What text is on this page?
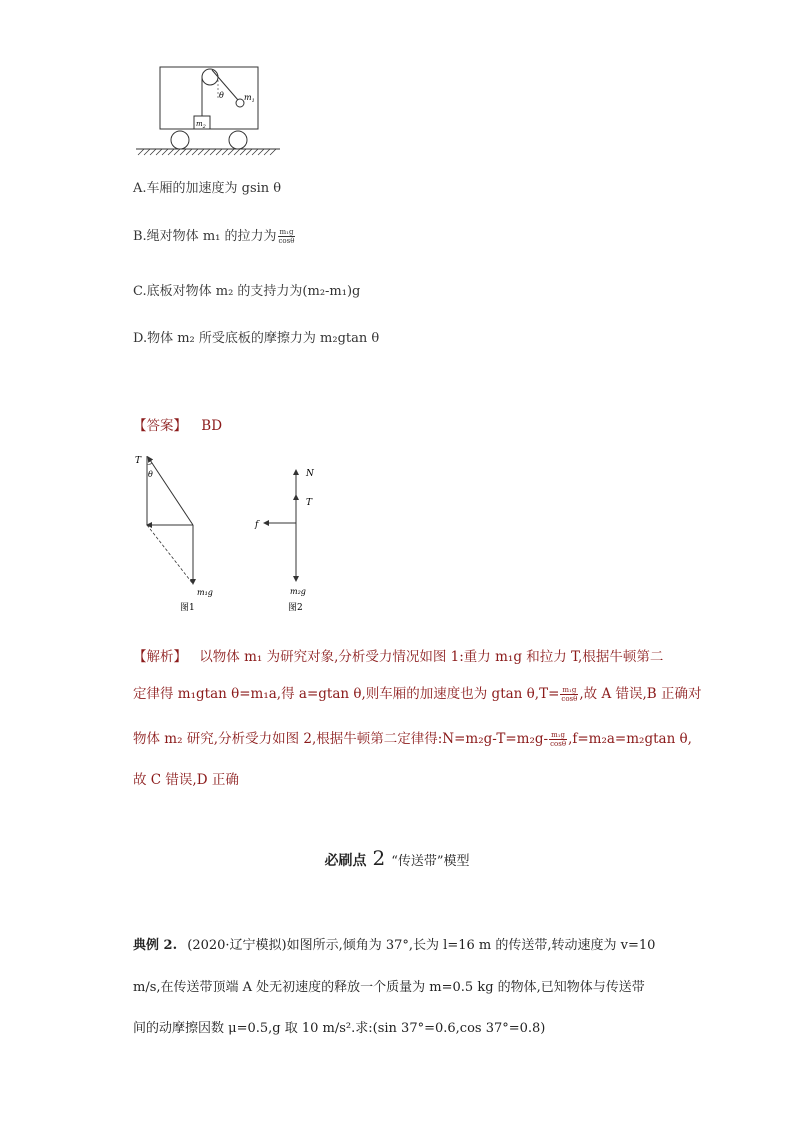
θ	$m_1$
$m_2$
A.车厢的加速度为 gsin θ
B.绳对物体 m₁ 的拉力为 $\frac{\text{m₁g}}{\cos\theta}$
C.底板对物体 m₂ 的支持力为(m₂-m₁)g
D.物体 m₂ 所受底板的摩擦力为 m₂gtan θ
【答案】 BD
T
θ
m₁g
图1
N
T
f
m₂g
图2
【解析】 以物体 m₁ 为研究对象,分析受力情况如图 1:重力 m₁g 和拉力 T,根据牛顿第二
定律得 m₁gtan θ=m₁a,得 a=gtan θ,则车厢的加速度也为 gtan $\theta,T= \frac{\text{m₁g}}{\cos\theta}$ ,故 A 错误,B 正确对
物体 m₂ 研究,分析受力如图 2,根据牛顿第二定律得:N=m₂g-T=m₂g- $\frac{\text{m₁g}}{\cos\theta} ,f=m_2a=m_2gtan$ θ,
故 C 错误,D 正确
必刷点 2 “传送带”模型
典例 2. (2020·辽宁模拟)如图所示,倾角为 37°,长为 l=16 m 的传送带,转动速度为 v=10
m/s,在传送带顶端 A 处无初速度的释放一个质量为 m=0.5 kg 的物体,已知物体与传送带
间的动摩擦因数 μ=0.5,g 取 10 m/s².求:(sin 37°=0.6,cos 37°=0.8)
